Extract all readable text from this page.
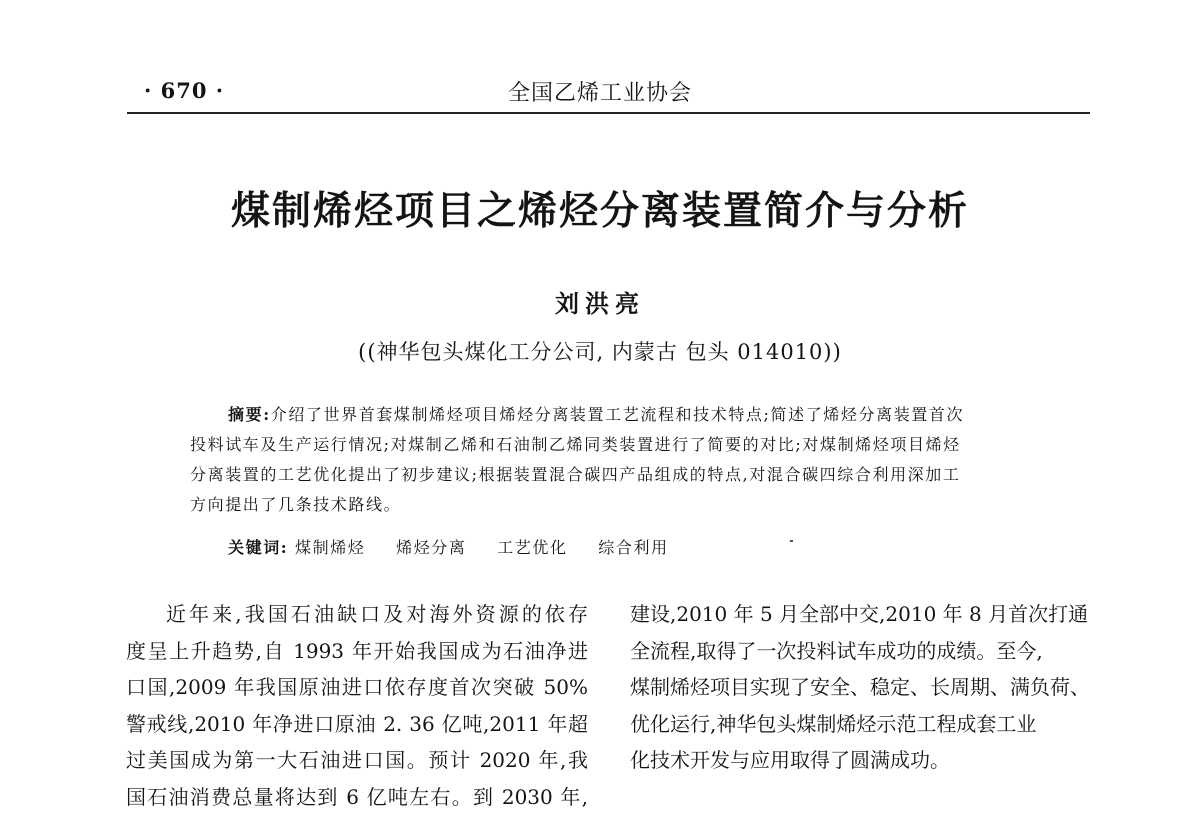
· 670 ·	全国乙烯工业协会
煤制烯烃项目之烯烃分离装置简介与分析
刘洪亮
((神华包头煤化工分公司, 内蒙古 包头 014010))
摘要:介绍了世界首套煤制烯烃项目烯烃分离装置工艺流程和技术特点;简述了烯烃分离装置首次
投料试车及生产运行情况;对煤制乙烯和石油制乙烯同类装置进行了简要的对比;对煤制烯烃项目烯烃
分离装置的工艺优化提出了初步建议;根据装置混合碳四产品组成的特点,对混合碳四综合利用深加工
方向提出了几条技术路线。
关键词: 煤制烯烃 烯烃分离 工艺优化 综合利用
近年来,我国石油缺口及对海外资源的依存
度呈上升趋势,自 1993 年开始我国成为石油净进
口国,2009 年我国原油进口依存度首次突破 50%
警戒线,2010 年净进口原油 2. 36 亿吨,2011 年超
过美国成为第一大石油进口国。预计 2020 年,我
国石油消费总量将达到 6 亿吨左右。到 2030 年,
建设,2010 年 5 月全部中交,2010 年 8 月首次打通
全流程,取得了一次投料试车成功的成绩。至今,
煤制烯烃项目实现了安全、稳定、长周期、满负荷、
优化运行,神华包头煤制烯烃示范工程成套工业
化技术开发与应用取得了圆满成功。
